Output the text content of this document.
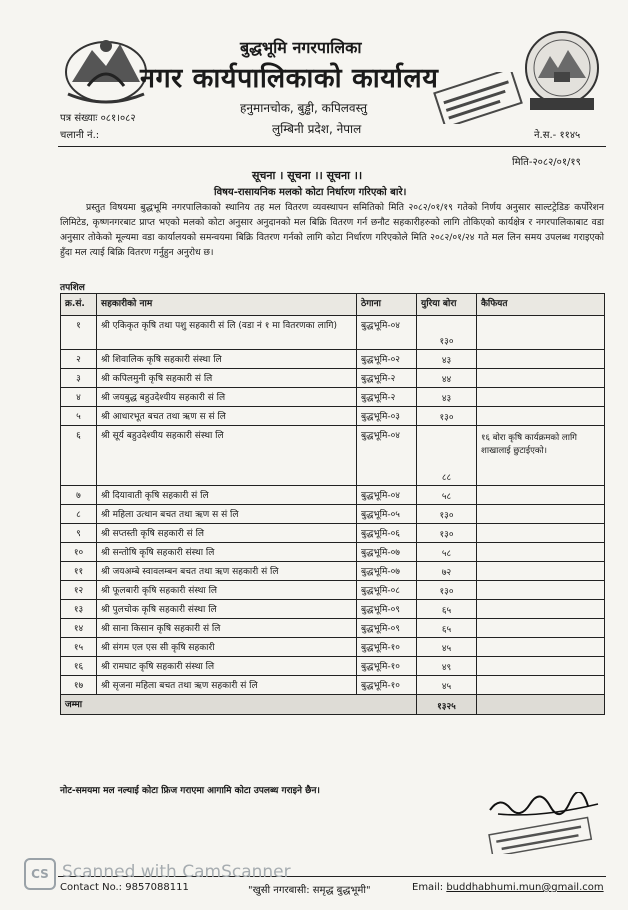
बुद्धभूमि नगरपालिका
नगर कार्यपालिकाको कार्यालय
हनुमानचोक, बुड्ढी, कपिलवस्तु
लुम्बिनी प्रदेश, नेपाल
पत्र संख्याः ०८१।०८२
चलानी नं.:	ने.स.- ११४५
मिति-२०८२/०१/१९
सूचना । सूचना ।। सूचना ।।
विषय-रासायनिक मलको कोटा निर्धारण गरिएको बारे।
प्रस्तुत विषयमा बुद्धभूमि नगरपालिकाको स्थानिय तह मल वितरण व्यवस्थापन समितिको मिति २०८२/०१/१९ गतेको निर्णय अनुसार साल्टट्रेडिङ कर्पोरेशन लिमिटेड, कृष्णनगरबाट प्राप्त भएको मलको कोटा अनुसार अनुदानको मल बिक्रि वितरण गर्न छनौट सहकारीहरुको लागि तोकिएको कार्यक्षेत्र र नगरपालिकाबाट वडा अनुसार तोकेको मूल्यमा वडा कार्यालयको समन्वयमा बिक्रि वितरण गर्नको लागि कोटा निर्धारण गरिएकोले मिति २०८२/०१/२४ गते मल लिन समय उपलब्ध गराइएको हुँदा मल त्याई बिक्रि वितरण गर्नुहुन अनुरोध छ।
तपशिल
क्र.सं.	सहकारीको नाम	ठेगाना	युरिया बोरा	कैफियत
१	श्री एकिकृत कृषि तथा पशु सहकारी सं लि (वडा नं १ मा वितरणका लागि)	बुद्धभूमि-०४	१३०	
२	श्री शिवालिक कृषि सहकारी संस्था लि	बुद्धभूमि-०२	४३	
३	श्री कपिलमुनी कृषि सहकारी सं लि	बुद्धभूमि-२	४४	
४	श्री जयबुद्ध बहुउदेश्यीय सहकारी सं लि	बुद्धभूमि-२	४३	
५	श्री आधारभूत बचत तथा ऋण स सं लि	बुद्धभूमि-०३	१३०	
६	श्री सूर्य बहुउदेश्यीय सहकारी संस्था लि	बुद्धभूमि-०४	८८	१६ बोरा कृषि कार्यक्रमको लागि शाखालाई छुटाईएको।
७	श्री दियावाती कृषि सहकारी सं लि	बुद्धभूमि-०४	५८	
८	श्री महिला उत्थान बचत तथा ऋण स सं लि	बुद्धभूमि-०५	१३०	
९	श्री सप्तस्ती कृषि सहकारी सं लि	बुद्धभूमि-०६	१३०	
१०	श्री सन्तोषि कृषि सहकारी संस्था लि	बुद्धभूमि-०७	५८	
११	श्री जयअम्बे स्वावलम्बन बचत तथा ऋण सहकारी सं लि	बुद्धभूमि-०७	७२	
१२	श्री फूलबारी कृषि सहकारी संस्था लि	बुद्धभूमि-०८	१३०	
१३	श्री पुलचोक कृषि सहकारी संस्था लि	बुद्धभूमि-०९	६५	
१४	श्री साना किसान कृषि सहकारी सं लि	बुद्धभूमि-०९	६५	
१५	श्री संगम एल एस सी कृषि सहकारी	बुद्धभूमि-१०	४५	
१६	श्री रामघाट कृषि सहकारी संस्था लि	बुद्धभूमि-१०	४९	
१७	श्री सृजना महिला बचत तथा ऋण सहकारी सं लि	बुद्धभूमि-१०	४५	
जम्मा			१३२५	
नोट-समयमा मल नल्याई कोटा फ्रिज गराएमा आगामि कोटा उपलब्ध गराइने छैन।
CS Scanned with CamScanner
Contact No.: 9857088111	"खुसी नगरबासी: समृद्ध बुद्धभूमी"	Email: buddhabhumi.mun@gmail.com
